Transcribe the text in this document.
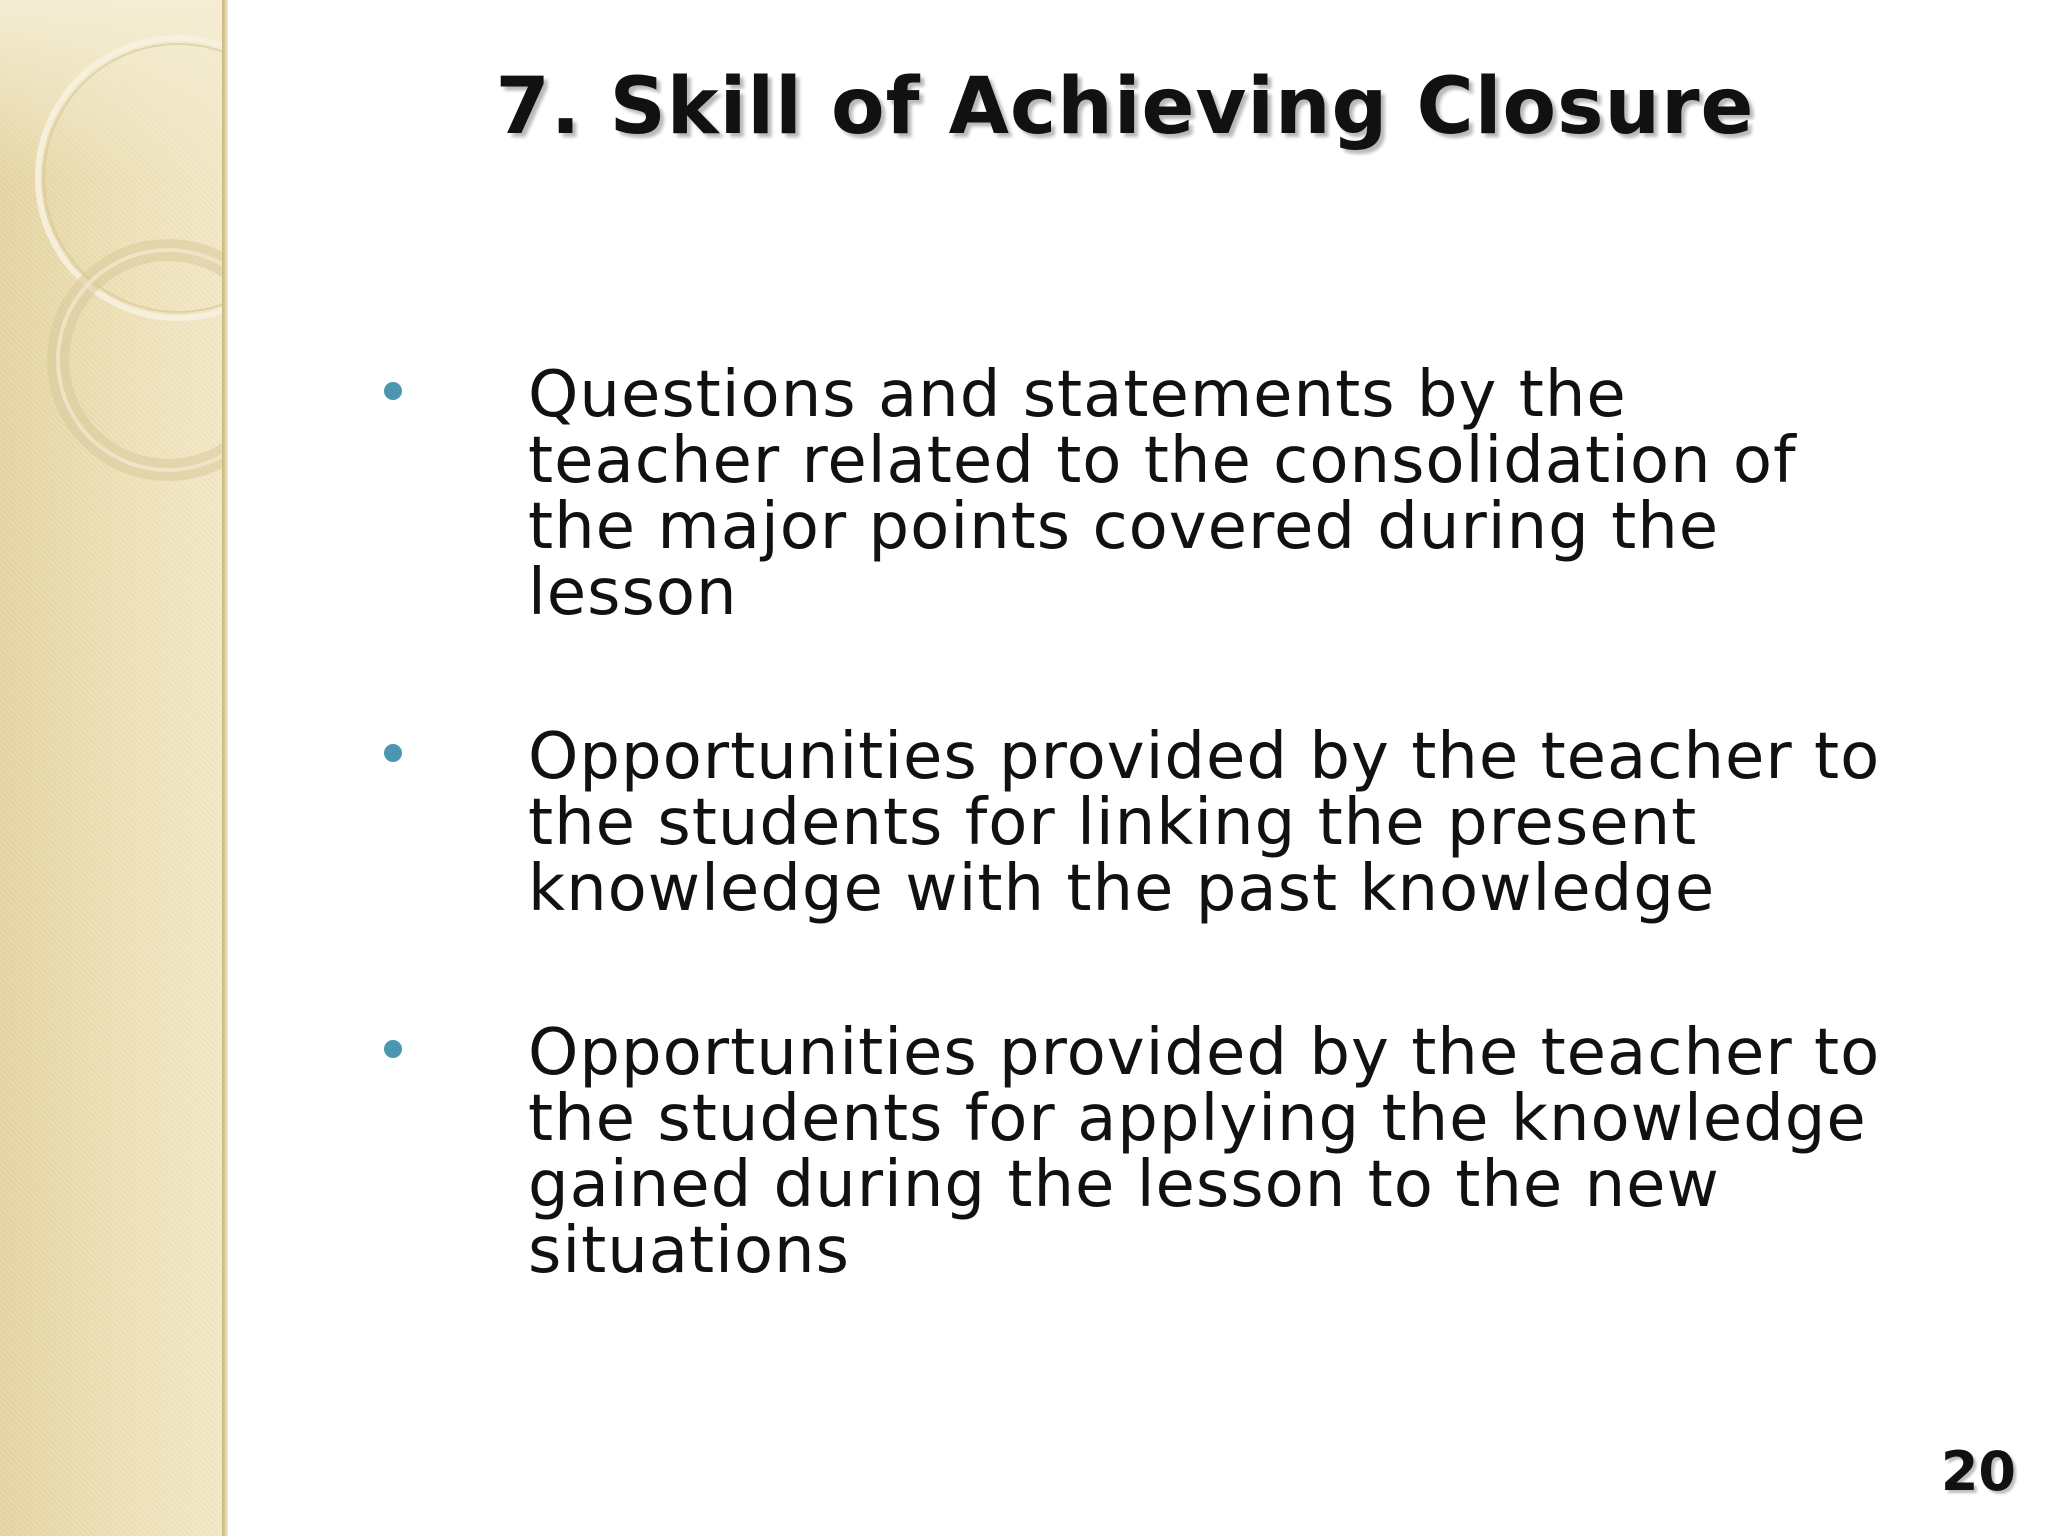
7. Skill of Achieving Closure
Questions and statements by the teacher related to the consolidation of the major points covered during the lesson
Opportunities provided by the teacher to the students for linking the present knowledge with the past knowledge
Opportunities provided by the teacher to the students for applying the knowledge gained during the lesson to the new situations
20
